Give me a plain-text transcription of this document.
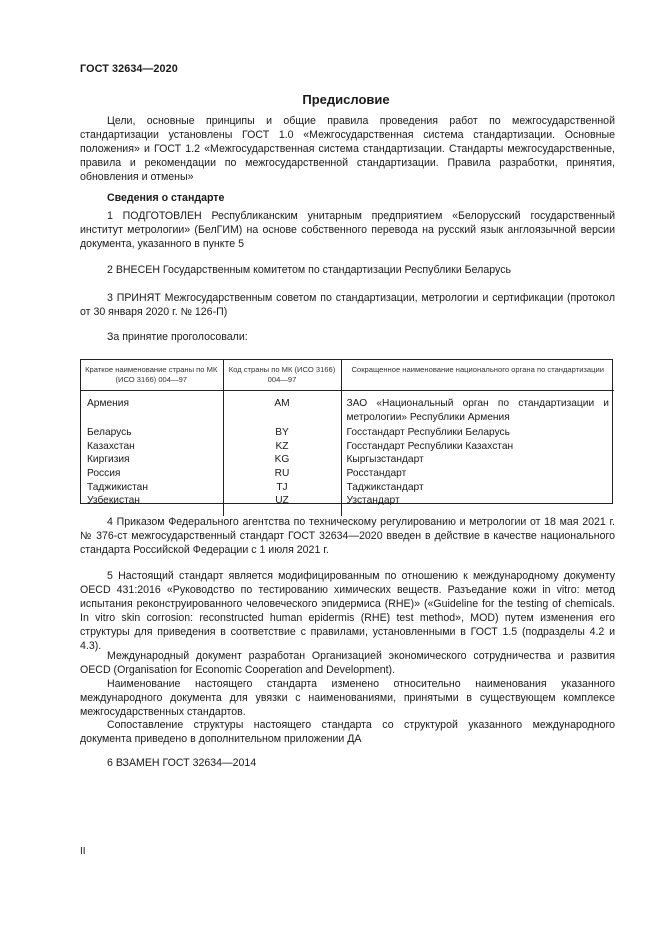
ГОСТ 32634—2020
Предисловие

Цели, основные принципы и общие правила проведения работ по межгосударственной стандартизации установлены ГОСТ 1.0 «Межгосударственная система стандартизации. Основные положения» и ГОСТ 1.2 «Межгосударственная система стандартизации. Стандарты межгосударственные, правила и рекомендации по межгосударственной стандартизации. Правила разработки, принятия, обновления и отмены»

Сведения о стандарте

1 ПОДГОТОВЛЕН Республиканским унитарным предприятием «Белорусский государственный институт метрологии» (БелГИМ) на основе собственного перевода на русский язык англоязычной версии документа, указанного в пункте 5

2 ВНЕСЕН Государственным комитетом по стандартизации Республики Беларусь

3 ПРИНЯТ Межгосударственным советом по стандартизации, метрологии и сертификации (протокол от 30 января 2020 г. № 126-П)

За принятие проголосовали:
Краткое наименование страны по МК (ИСО 3166) 004—97	Код страны по МК (ИСО 3166) 004—97	Сокращенное наименование национального органа по стандартизации
Армения	AM	ЗАО «Национальный орган по стандартизации и метрологии» Республики Армения
Беларусь	BY	Госстандарт Республики Беларусь
Казахстан	KZ	Госстандарт Республики Казахстан
Киргизия	KG	Кыргызстандарт
Россия	RU	Росстандарт
Таджикистан	TJ	Таджикстандарт
Узбекистан	UZ	Узстандарт

4 Приказом Федерального агентства по техническому регулированию и метрологии от 18 мая 2021 г. № 376-ст межгосударственный стандарт ГОСТ 32634—2020 введен в действие в качестве национального стандарта Российской Федерации с 1 июля 2021 г.

5 Настоящий стандарт является модифицированным по отношению к международному документу OECD 431:2016 «Руководство по тестированию химических веществ. Разъедание кожи in vitro: метод испытания реконструированного человеческого эпидермиса (RHE)» («Guideline for the testing of chemicals. In vitro skin corrosion: reconstructed human epidermis (RHE) test method», MOD) путем изменения его структуры для приведения в соответствие с правилами, установленными в ГОСТ 1.5 (подразделы 4.2 и 4.3).

Международный документ разработан Организацией экономического сотрудничества и развития OECD (Organisation for Economic Cooperation and Development).

Наименование настоящего стандарта изменено относительно наименования указанного международного документа для увязки с наименованиями, принятыми в существующем комплексе межгосударственных стандартов.

Сопоставление структуры настоящего стандарта со структурой указанного международного документа приведено в дополнительном приложении ДА

6 ВЗАМЕН ГОСТ 32634—2014

II
